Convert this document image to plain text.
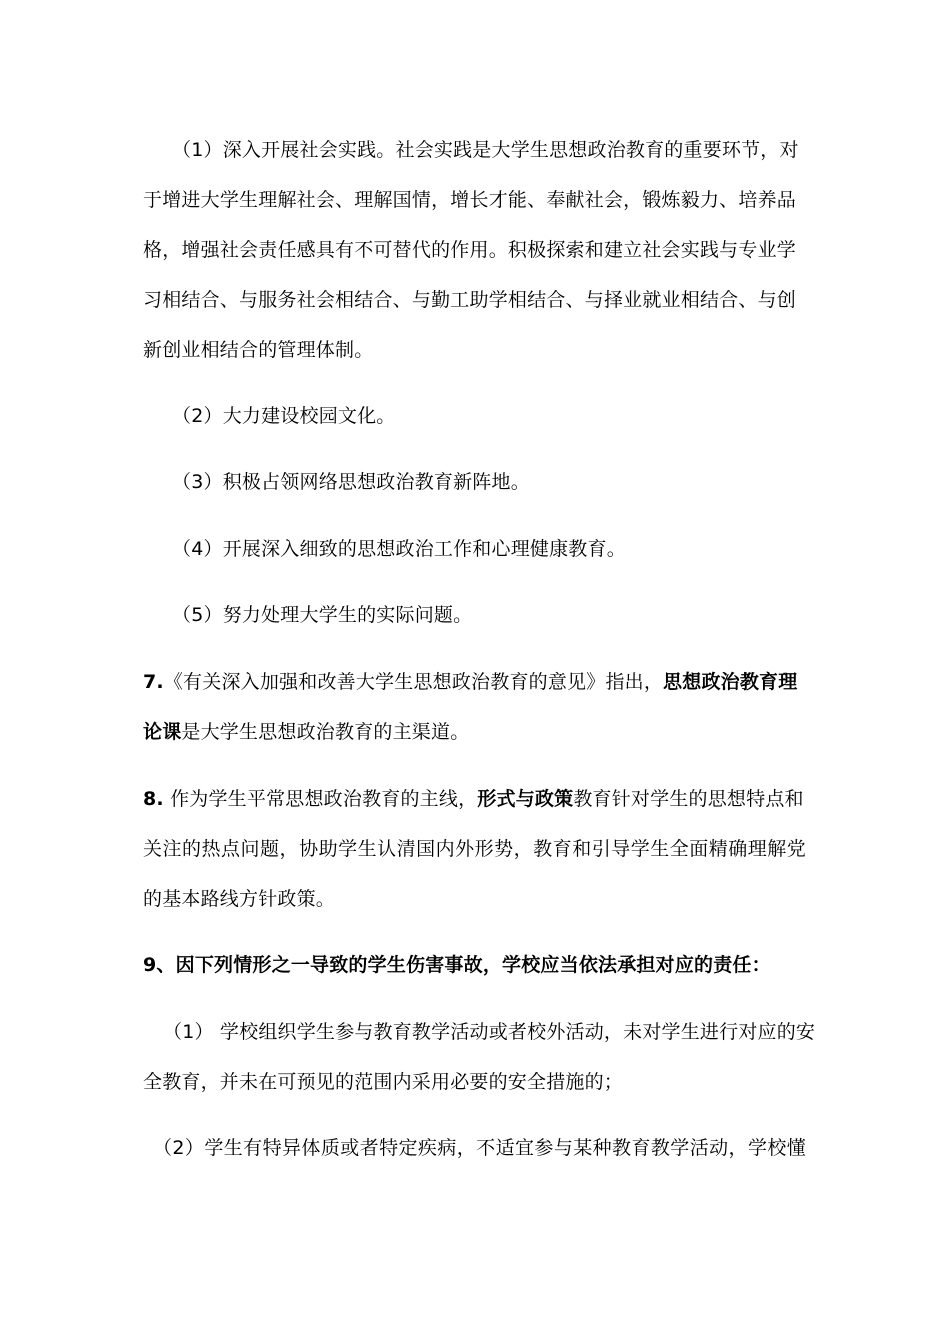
（1）深入开展社会实践。社会实践是大学生思想政治教育的重要环节，对
于增进大学生理解社会、理解国情，增长才能、奉献社会，锻炼毅力、培养品
格，增强社会责任感具有不可替代的作用。积极探索和建立社会实践与专业学
习相结合、与服务社会相结合、与勤工助学相结合、与择业就业相结合、与创
新创业相结合的管理体制。
（2）大力建设校园文化。
（3）积极占领网络思想政治教育新阵地。
（4）开展深入细致的思想政治工作和心理健康教育。
（5）努力处理大学生的实际问题。
7.《有关深入加强和改善大学生思想政治教育的意见》指出，思想政治教育理
论课是大学生思想政治教育的主渠道。
8. 作为学生平常思想政治教育的主线，形式与政策教育针对学生的思想特点和
关注的热点问题，协助学生认清国内外形势，教育和引导学生全面精确理解党
的基本路线方针政策。
9、因下列情形之一导致的学生伤害事故，学校应当依法承担对应的责任：
（1） 学校组织学生参与教育教学活动或者校外活动，未对学生进行对应的安
全教育，并未在可预见的范围内采用必要的安全措施的；
（2）学生有特异体质或者特定疾病，不适宜参与某种教育教学活动，学校懂
